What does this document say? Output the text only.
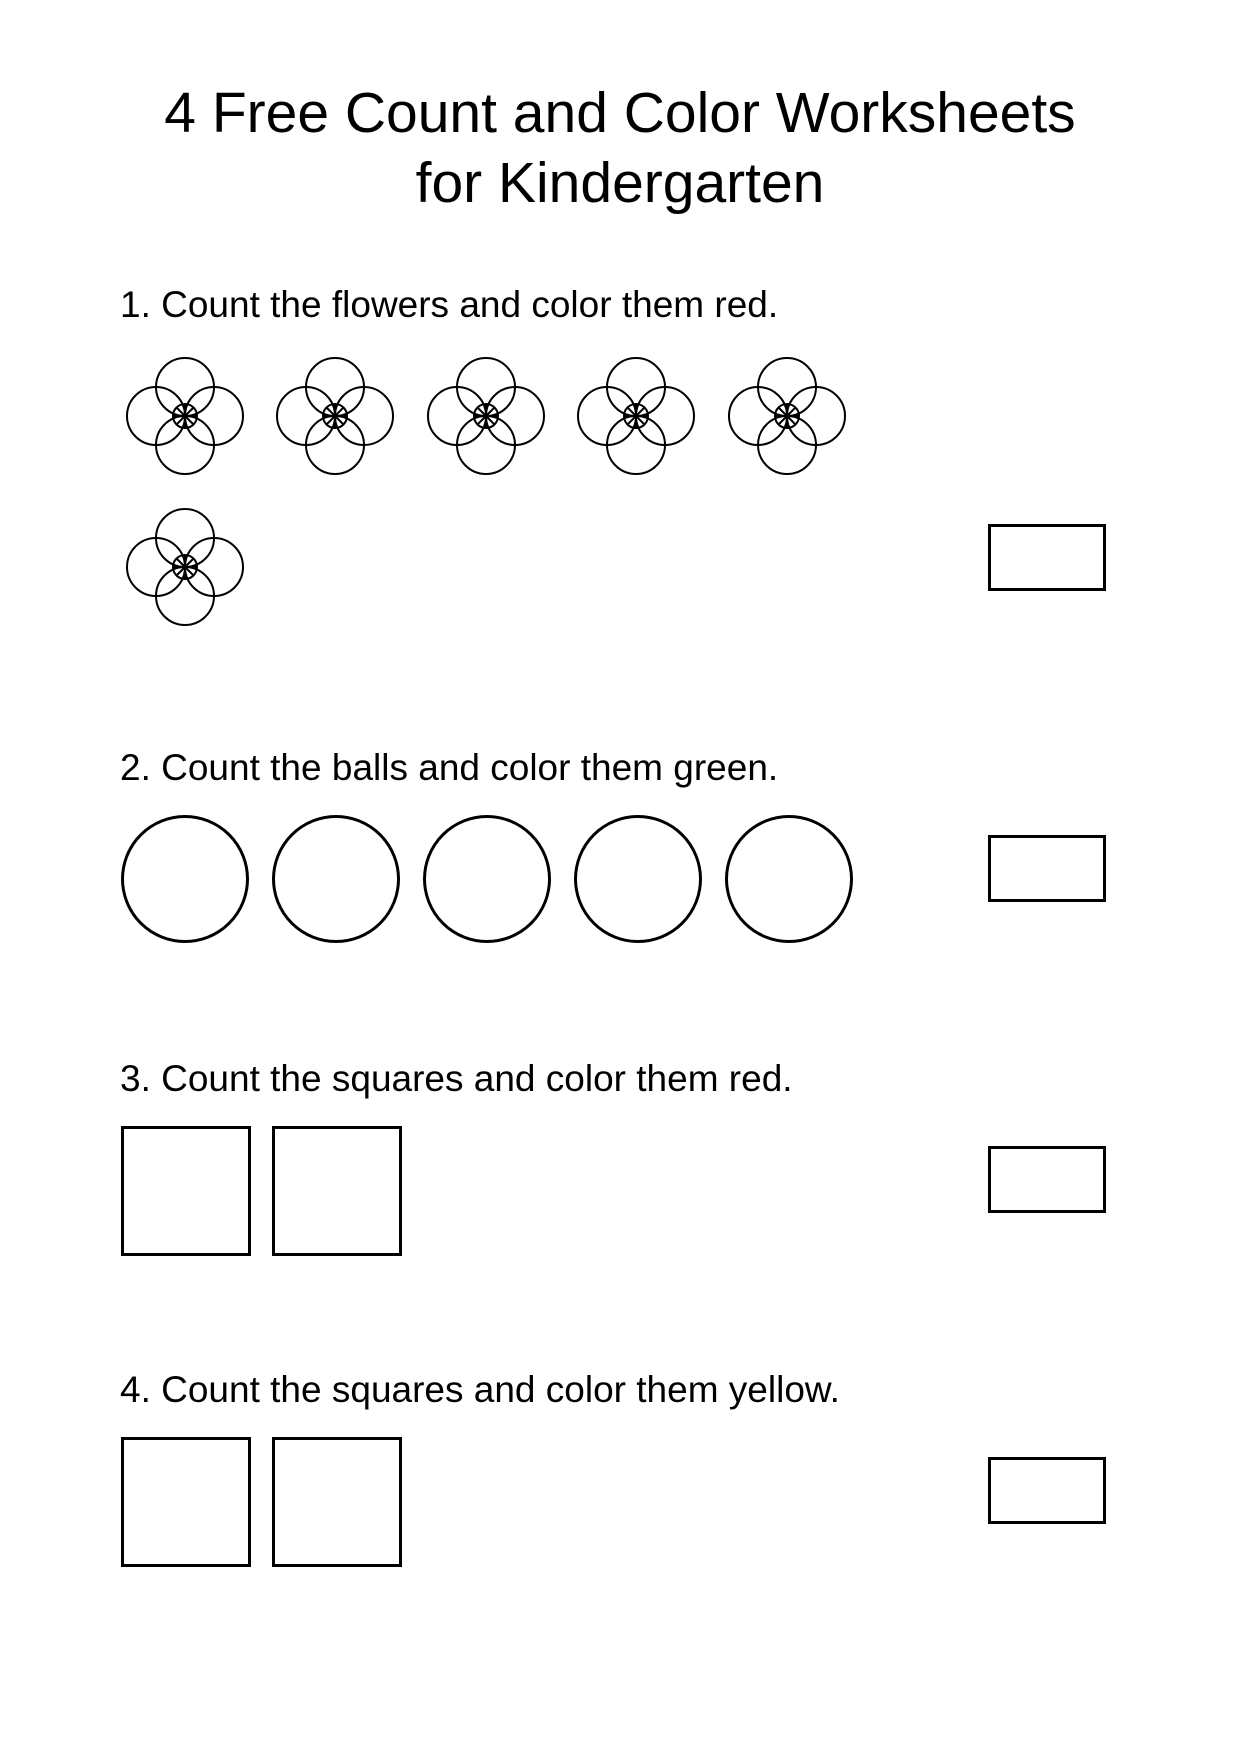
4 Free Count and Color Worksheets
for Kindergarten

1. Count the flowers and color them red.

2. Count the balls and color them green.

3. Count the squares and color them red.

4. Count the squares and color them yellow.
